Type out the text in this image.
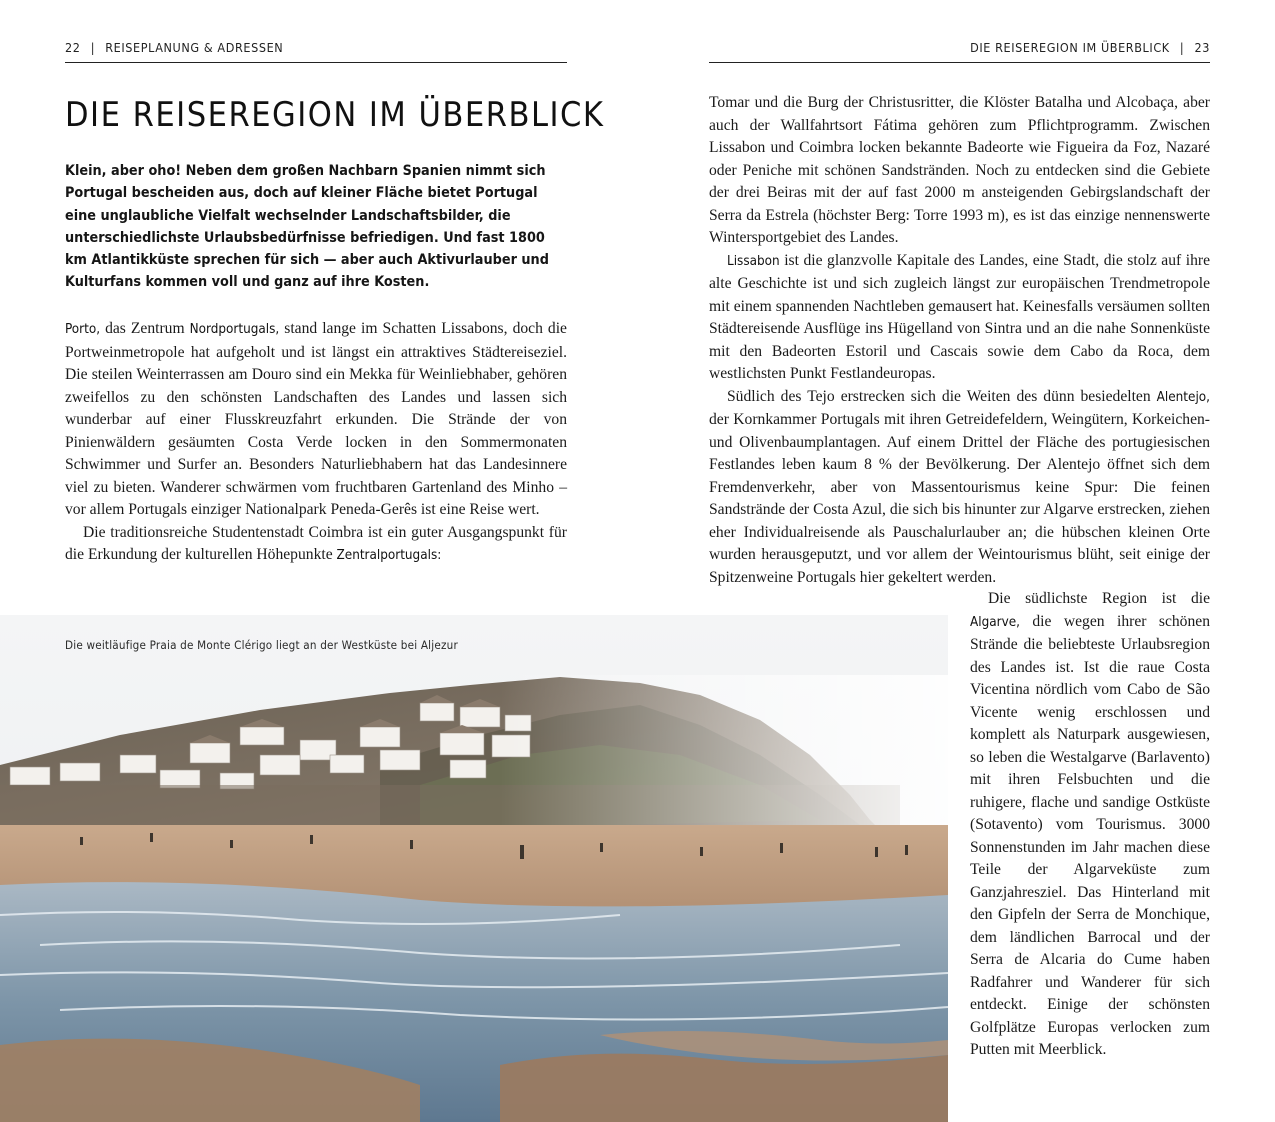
22 | REISEPLANUNG & ADRESSEN	DIE REISEREGION IM ÜBERBLICK | 23
DIE REISEREGION IM ÜBERBLICK

Klein, aber oho! Neben dem großen Nachbarn Spanien nimmt sich Portugal bescheiden aus, doch auf kleiner Fläche bietet Portugal eine unglaubliche Vielfalt wechselnder Landschaftsbilder, die unterschiedlichste Urlaubsbedürfnisse befriedigen. Und fast 1800 km Atlantikküste sprechen für sich — aber auch Aktivurlauber und Kulturfans kommen voll und ganz auf ihre Kosten.

Porto, das Zentrum Nordportugals, stand lange im Schatten Lissabons, doch die Portweinmetropole hat aufgeholt und ist längst ein attraktives Städtereiseziel. Die steilen Weinterrassen am Douro sind ein Mekka für Weinliebhaber, gehören zweifellos zu den schönsten Landschaften des Landes und lassen sich wunderbar auf einer Flusskreuzfahrt erkunden. Die Strände der von Pinienwäldern gesäumten Costa Verde locken in den Sommermonaten Schwimmer und Surfer an. Besonders Naturliebhabern hat das Landesinnere viel zu bieten. Wanderer schwärmen vom fruchtbaren Gartenland des Minho – vor allem Portugals einziger Nationalpark Peneda-Gerês ist eine Reise wert.

Die traditionsreiche Studentenstadt Coimbra ist ein guter Ausgangspunkt für die Erkundung der kulturellen Höhepunkte Zentralportugals:

Tomar und die Burg der Christusritter, die Klöster Batalha und Alcobaça, aber auch der Wallfahrtsort Fátima gehören zum Pflichtprogramm. Zwischen Lissabon und Coimbra locken bekannte Badeorte wie Figueira da Foz, Nazaré oder Peniche mit schönen Sandstränden. Noch zu entdecken sind die Gebiete der drei Beiras mit der auf fast 2000 m ansteigenden Gebirgslandschaft der Serra da Estrela (höchster Berg: Torre 1993 m), es ist das einzige nennenswerte Wintersportgebiet des Landes.

Lissabon ist die glanzvolle Kapitale des Landes, eine Stadt, die stolz auf ihre alte Geschichte ist und sich zugleich längst zur europäischen Trendmetropole mit einem spannenden Nachtleben gemausert hat. Keinesfalls versäumen sollten Städtereisende Ausflüge ins Hügelland von Sintra und an die nahe Sonnenküste mit den Badeorten Estoril und Cascais sowie dem Cabo da Roca, dem westlichsten Punkt Festlandeuropas.

Südlich des Tejo erstrecken sich die Weiten des dünn besiedelten Alentejo, der Kornkammer Portugals mit ihren Getreidefeldern, Weingütern, Korkeichen- und Olivenbaumplantagen. Auf einem Drittel der Fläche des portugiesischen Festlandes leben kaum 8 % der Bevölkerung. Der Alentejo öffnet sich dem Fremdenverkehr, aber von Massentourismus keine Spur: Die feinen Sandstrände der Costa Azul, die sich bis hinunter zur Algarve erstrecken, ziehen eher Individualreisende als Pauschalurlauber an; die hübschen kleinen Orte wurden herausgeputzt, und vor allem der Weintourismus blüht, seit einige der Spitzenweine Portugals hier gekeltert werden.

Die südlichste Region ist die Algarve, die wegen ihrer schönen Strände die beliebteste Urlaubsregion des Landes ist. Ist die raue Costa Vicentina nördlich vom Cabo de São Vicente wenig erschlossen und komplett als Naturpark ausgewiesen, so leben die Westalgarve (Barlavento) mit ihren Felsbuchten und die ruhigere, flache und sandige Ostküste (Sotavento) vom Tourismus. 3000 Sonnenstunden im Jahr machen diese Teile der Algarveküste zum Ganzjahresziel. Das Hinterland mit den Gipfeln der Serra de Monchique, dem ländlichen Barrocal und der Serra de Alcaria do Cume haben Radfahrer und Wanderer für sich entdeckt. Einige der schönsten Golfplätze Europas verlocken zum Putten mit Meerblick.

Die weitläufige Praia de Monte Clérigo liegt an der Westküste bei Aljezur
